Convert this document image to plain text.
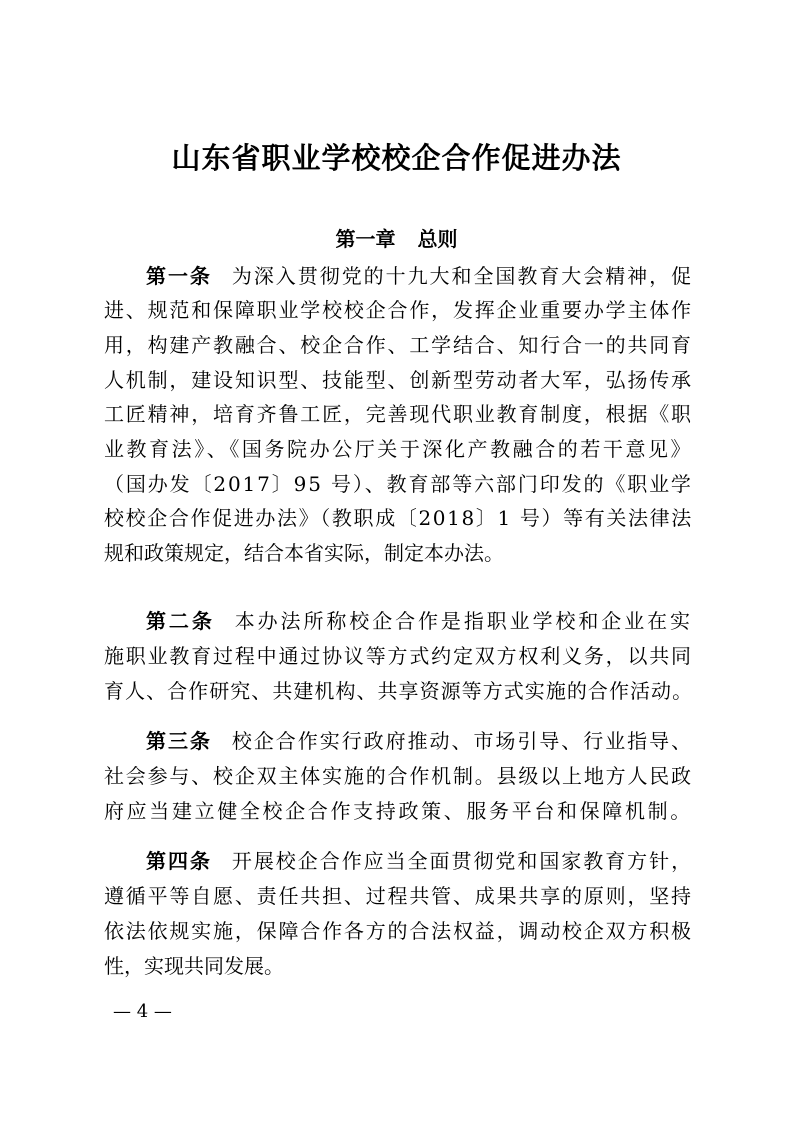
山东省职业学校校企合作促进办法
第一章 总则

第一条 为深入贯彻党的十九大和全国教育大会精神，促

进、规范和保障职业学校校企合作，发挥企业重要办学主体作

用，构建产教融合、校企合作、工学结合、知行合一的共同育

人机制，建设知识型、技能型、创新型劳动者大军，弘扬传承

工匠精神，培育齐鲁工匠，完善现代职业教育制度，根据《职

业教育法》、《国务院办公厅关于深化产教融合的若干意见》

（国办发〔2017〕95 号）、教育部等六部门印发的《职业学

校校企合作促进办法》（教职成〔2018〕1 号）等有关法律法

规和政策规定，结合本省实际，制定本办法。

第二条 本办法所称校企合作是指职业学校和企业在实

施职业教育过程中通过协议等方式约定双方权利义务，以共同

育人、合作研究、共建机构、共享资源等方式实施的合作活动。

第三条 校企合作实行政府推动、市场引导、行业指导、

社会参与、校企双主体实施的合作机制。县级以上地方人民政

府应当建立健全校企合作支持政策、服务平台和保障机制。

第四条 开展校企合作应当全面贯彻党和国家教育方针，

遵循平等自愿、责任共担、过程共管、成果共享的原则，坚持

依法依规实施，保障合作各方的合法权益，调动校企双方积极

性，实现共同发展。

— 4 —
